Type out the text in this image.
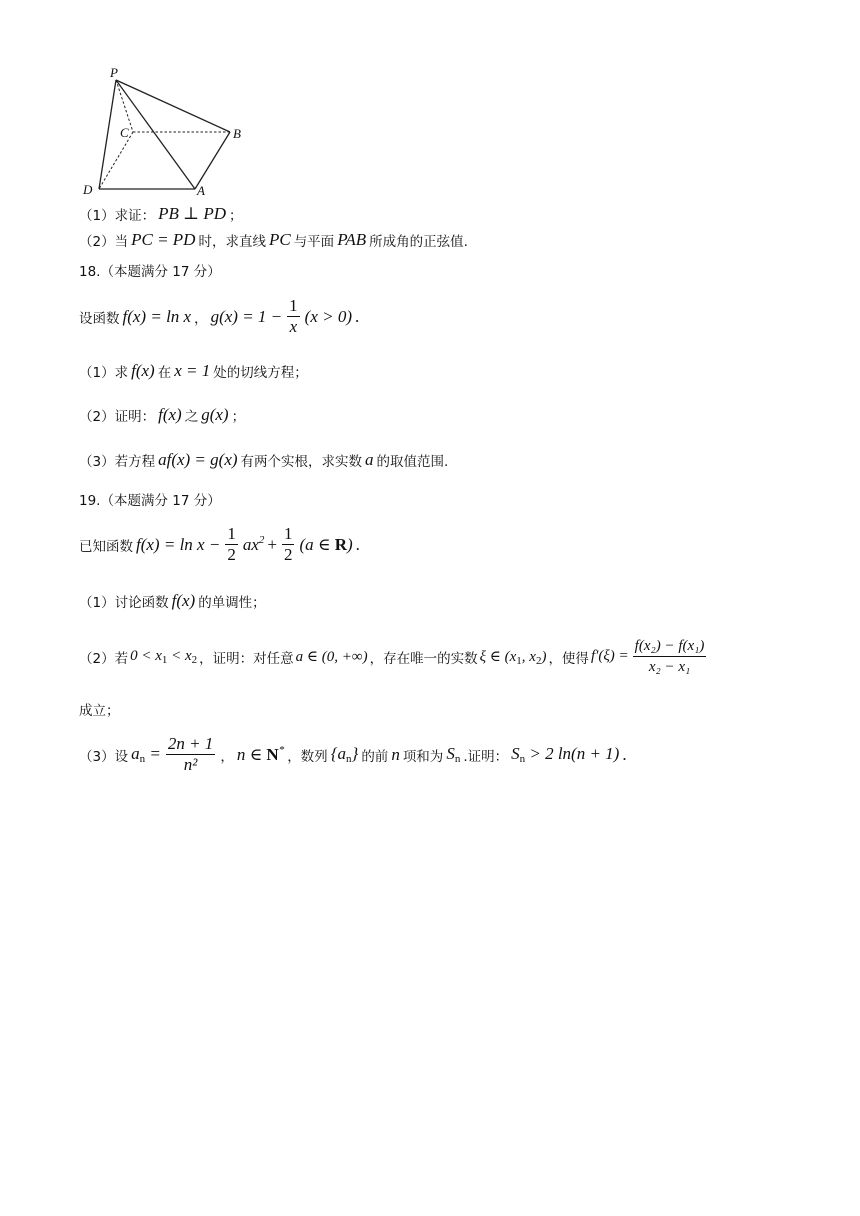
P
C	B
D	A
（1）求证： PB ⊥ PD ；
（2）当 PC = PD 时，求直线 PC 与平面 PAB 所成角的正弦值.
18.（本题满分 17 分）
设函数 f(x) = ln x ， $g(x) = 1 - \frac{1}{x} (x > 0)$ .
（1）求 f(x) 在 x = 1 处的切线方程；
（2）证明： f(x) 之 g(x) ；
（3）若方程 af(x) = g(x) 有两个实根，求实数 a 的取值范围.
19.（本题满分 17 分）
已知函数 $f(x) = \ln x - \frac{1}{2} ax^2 + \frac{1}{2} (a$ ∈ R) .
（1）讨论函数 f(x) 的单调性；
（2）若 $0 < x_1 < x_2$ ，证明：对任意 a ∈ (0, +∞) ，存在唯一的实数 ξ ∈ ($x_1$, $x_2$) ，使得 $f'(\xi) = \frac{\text{f(x₂) − f(x₁)}}{\text{x₂ − x₁}}$
成立；
（3）设 $a_n = \frac{2n + 1}{\text{n²}}$ ， n ∈ N* ，数列 $\{a_n\}$ 的前 n 项和为 $S_n$ .证明： $S_n > 2$ ln(n + 1) .
